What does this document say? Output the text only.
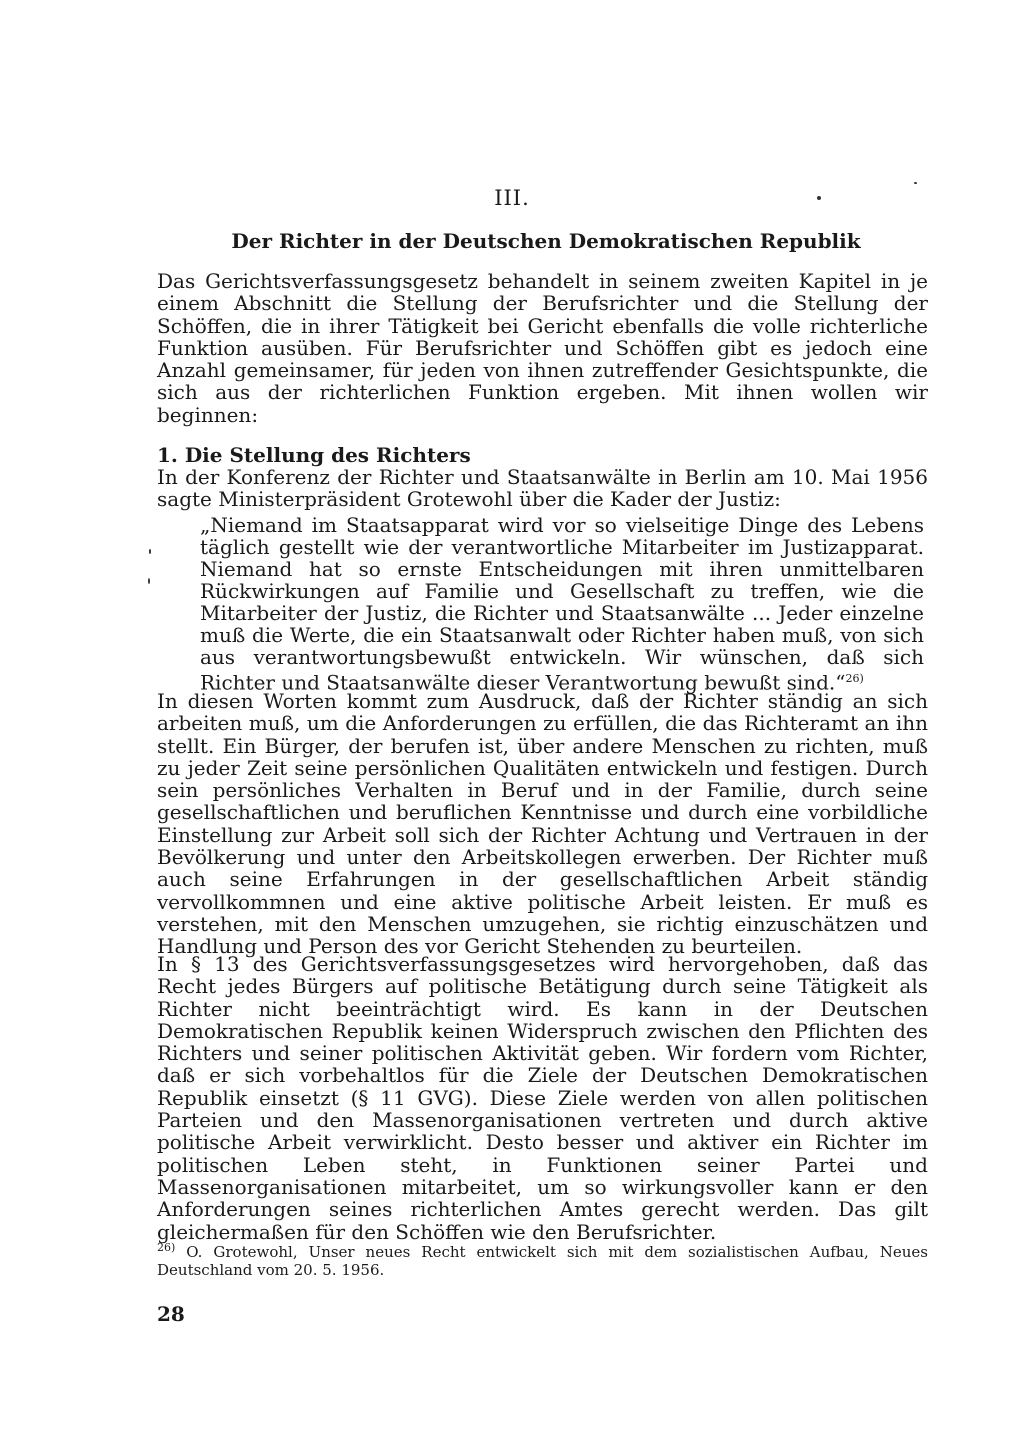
III.
Der Richter in der Deutschen Demokratischen Republik

Das Gerichtsverfassungsgesetz behandelt in seinem zweiten Kapitel in je einem Abschnitt die Stellung der Berufsrichter und die Stellung der Schöffen, die in ihrer Tätigkeit bei Gericht ebenfalls die volle richterliche Funktion ausüben. Für Berufsrichter und Schöffen gibt es jedoch eine Anzahl gemeinsamer, für jeden von ihnen zutreffender Gesichtspunkte, die sich aus der richterlichen Funktion ergeben. Mit ihnen wollen wir beginnen:

1. Die Stellung des Richters

In der Konferenz der Richter und Staatsanwälte in Berlin am 10. Mai 1956 sagte Ministerpräsident Grotewohl über die Kader der Justiz:

„Niemand im Staatsapparat wird vor so vielseitige Dinge des Lebens täglich gestellt wie der verantwortliche Mitarbeiter im Justizapparat. Niemand hat so ernste Entscheidungen mit ihren unmittelbaren Rückwirkungen auf Familie und Gesellschaft zu treffen, wie die Mitarbeiter der Justiz, die Richter und Staatsanwälte ... Jeder einzelne muß die Werte, die ein Staatsanwalt oder Richter haben muß, von sich aus verantwortungsbewußt entwickeln. Wir wünschen, daß sich Richter und Staatsanwälte dieser Verantwortung bewußt sind.“$^{26)}$

In diesen Worten kommt zum Ausdruck, daß der Richter ständig an sich arbeiten muß, um die Anforderungen zu erfüllen, die das Richteramt an ihn stellt. Ein Bürger, der berufen ist, über andere Menschen zu richten, muß zu jeder Zeit seine persönlichen Qualitäten entwickeln und festigen. Durch sein persönliches Verhalten in Beruf und in der Familie, durch seine gesellschaftlichen und beruflichen Kenntnisse und durch eine vorbildliche Einstellung zur Arbeit soll sich der Richter Achtung und Vertrauen in der Bevölkerung und unter den Arbeitskollegen erwerben. Der Richter muß auch seine Erfahrungen in der gesellschaftlichen Arbeit ständig vervollkommnen und eine aktive politische Arbeit leisten. Er muß es verstehen, mit den Menschen umzugehen, sie richtig einzuschätzen und Handlung und Person des vor Gericht Stehenden zu beurteilen.

In § 13 des Gerichtsverfassungsgesetzes wird hervorgehoben, daß das Recht jedes Bürgers auf politische Betätigung durch seine Tätigkeit als Richter nicht beeinträchtigt wird. Es kann in der Deutschen Demokratischen Republik keinen Widerspruch zwischen den Pflichten des Richters und seiner politischen Aktivität geben. Wir fordern vom Richter, daß er sich vorbehaltlos für die Ziele der Deutschen Demokratischen Republik einsetzt (§ 11 GVG). Diese Ziele werden von allen politischen Parteien und den Massenorganisationen vertreten und durch aktive politische Arbeit verwirklicht. Desto besser und aktiver ein Richter im politischen Leben steht, in Funktionen seiner Partei und Massenorganisationen mitarbeitet, um so wirkungsvoller kann er den Anforderungen seines richterlichen Amtes gerecht werden. Das gilt gleichermaßen für den Schöffen wie den Berufsrichter.

$^{26)}$ O. Grotewohl, Unser neues Recht entwickelt sich mit dem sozialistischen Aufbau, Neues Deutschland vom 20. 5. 1956.

28
